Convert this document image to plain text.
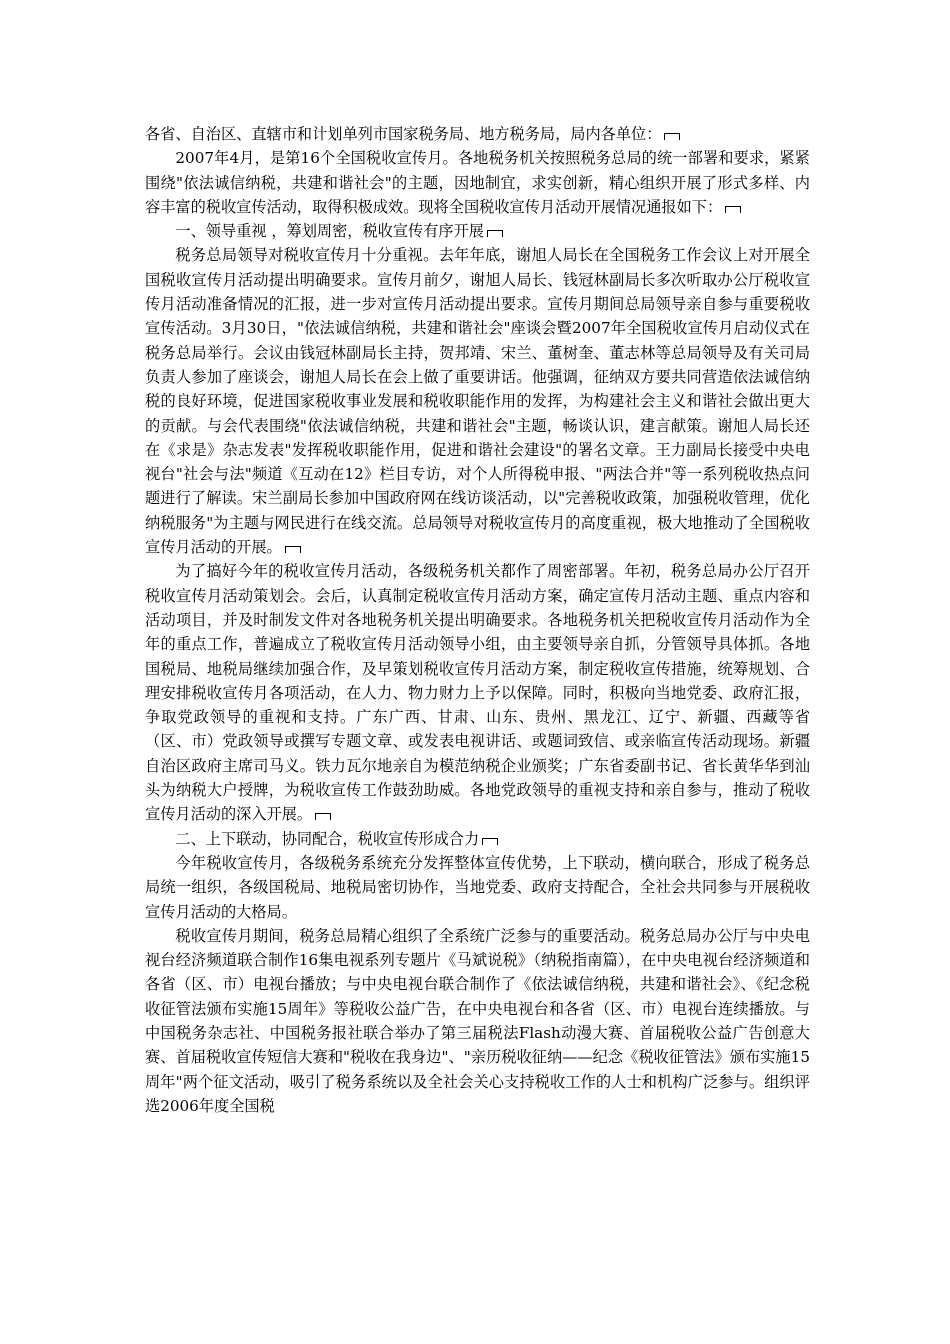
各省、自治区、直辖市和计划单列市国家税务局、地方税务局，局内各单位：

2007年4月，是第16个全国税收宣传月。各地税务机关按照税务总局的统一部署和要求，紧紧围绕"依法诚信纳税，共建和谐社会"的主题，因地制宜，求实创新，精心组织开展了形式多样、内容丰富的税收宣传活动，取得积极成效。现将全国税收宣传月活动开展情况通报如下：

一、领导重视 ，筹划周密，税收宣传有序开展

税务总局领导对税收宣传月十分重视。去年年底，谢旭人局长在全国税务工作会议上对开展全国税收宣传月活动提出明确要求。宣传月前夕，谢旭人局长、钱冠林副局长多次听取办公厅税收宣传月活动准备情况的汇报，进一步对宣传月活动提出要求。宣传月期间总局领导亲自参与重要税收宣传活动。3月30日，"依法诚信纳税，共建和谐社会"座谈会暨2007年全国税收宣传月启动仪式在税务总局举行。会议由钱冠林副局长主持，贺邦靖、宋兰、董树奎、董志林等总局领导及有关司局负责人参加了座谈会，谢旭人局长在会上做了重要讲话。他强调，征纳双方要共同营造依法诚信纳税的良好环境，促进国家税收事业发展和税收职能作用的发挥，为构建社会主义和谐社会做出更大的贡献。与会代表围绕"依法诚信纳税，共建和谐社会"主题，畅谈认识，建言献策。谢旭人局长还在《求是》杂志发表"发挥税收职能作用，促进和谐社会建设"的署名文章。王力副局长接受中央电视台"社会与法"频道《互动在12》栏目专访，对个人所得税申报、"两法合并"等一系列税收热点问题进行了解读。宋兰副局长参加中国政府网在线访谈活动，以"完善税收政策，加强税收管理，优化纳税服务"为主题与网民进行在线交流。总局领导对税收宣传月的高度重视，极大地推动了全国税收宣传月活动的开展。

为了搞好今年的税收宣传月活动，各级税务机关都作了周密部署。年初，税务总局办公厅召开税收宣传月活动策划会。会后，认真制定税收宣传月活动方案，确定宣传月活动主题、重点内容和活动项目，并及时制发文件对各地税务机关提出明确要求。各地税务机关把税收宣传月活动作为全年的重点工作，普遍成立了税收宣传月活动领导小组，由主要领导亲自抓，分管领导具体抓。各地国税局、地税局继续加强合作，及早策划税收宣传月活动方案，制定税收宣传措施，统筹规划、合理安排税收宣传月各项活动，在人力、物力财力上予以保障。同时，积极向当地党委、政府汇报，争取党政领导的重视和支持。广东广西、甘肃、山东、贵州、黑龙江、辽宁、新疆、西藏等省（区、市）党政领导或撰写专题文章、或发表电视讲话、或题词致信、或亲临宣传活动现场。新疆自治区政府主席司马义。铁力瓦尔地亲自为模范纳税企业颁奖；广东省委副书记、省长黄华华到汕头为纳税大户授牌，为税收宣传工作鼓劲助威。各地党政领导的重视支持和亲自参与，推动了税收宣传月活动的深入开展。

二、上下联动，协同配合，税收宣传形成合力

今年税收宣传月，各级税务系统充分发挥整体宣传优势，上下联动，横向联合，形成了税务总局统一组织，各级国税局、地税局密切协作，当地党委、政府支持配合，全社会共同参与开展税收宣传月活动的大格局。

税收宣传月期间，税务总局精心组织了全系统广泛参与的重要活动。税务总局办公厅与中央电视台经济频道联合制作16集电视系列专题片《马斌说税》（纳税指南篇），在中央电视台经济频道和各省（区、市）电视台播放；与中央电视台联合制作了《依法诚信纳税，共建和谐社会》、《纪念税收征管法颁布实施15周年》等税收公益广告，在中央电视台和各省（区、市）电视台连续播放。与中国税务杂志社、中国税务报社联合举办了第三届税法Flash动漫大赛、首届税收公益广告创意大赛、首届税收宣传短信大赛和"税收在我身边"、"亲历税收征纳——纪念《税收征管法》颁布实施15周年"两个征文活动，吸引了税务系统以及全社会关心支持税收工作的人士和机构广泛参与。组织评选2006年度全国税
